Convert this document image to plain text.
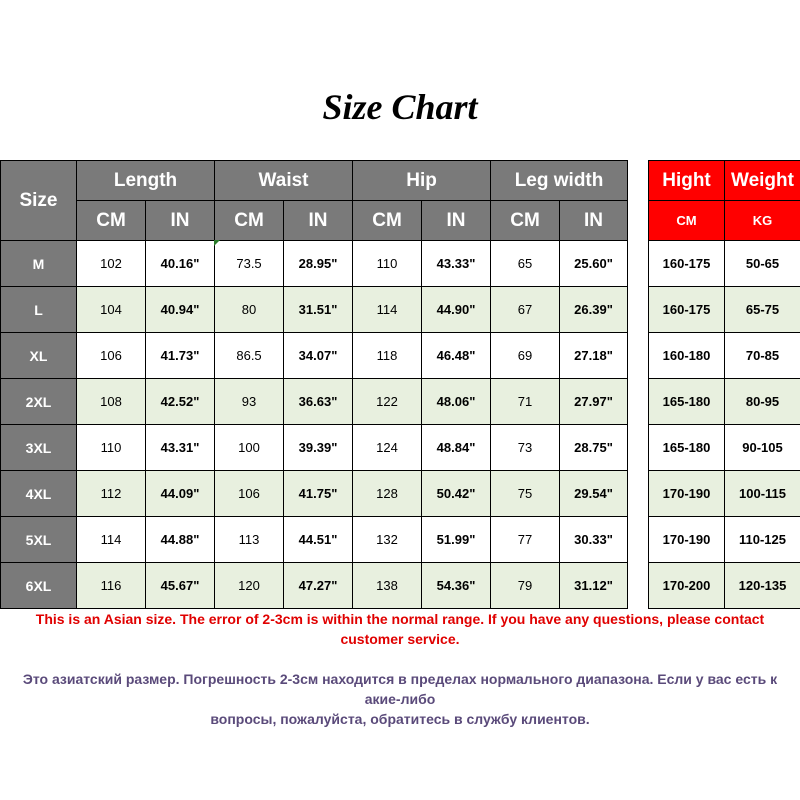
Size Chart
Size	Length		Waist		Hip		Leg width	
	CM	IN	CM	IN	CM	IN	CM	IN
M	102	40.16"	73.5	28.95"	110	43.33"	65	25.60"
L	104	40.94"	80	31.51"	114	44.90"	67	26.39"
XL	106	41.73"	86.5	34.07"	118	46.48"	69	27.18"
2XL	108	42.52"	93	36.63"	122	48.06"	71	27.97"
3XL	110	43.31"	100	39.39"	124	48.84"	73	28.75"
4XL	112	44.09"	106	41.75"	128	50.42"	75	29.54"
5XL	114	44.88"	113	44.51"	132	51.99"	77	30.33"
6XL	116	45.67"	120	47.27"	138	54.36"	79	31.12"
Hight	Weight
CM	KG
160-175	50-65
160-175	65-75
160-180	70-85
165-180	80-95
165-180	90-105
170-190	100-115
170-190	110-125
170-200	120-135
This is an Asian size. The error of 2-3cm is within the normal range. If you have any questions, please contact
customer service.
Это азиатский размер. Погрешность 2-3см находится в пределах нормального диапазона. Если у вас есть к
акие-либо
вопросы, пожалуйста, обратитесь в службу клиентов.
